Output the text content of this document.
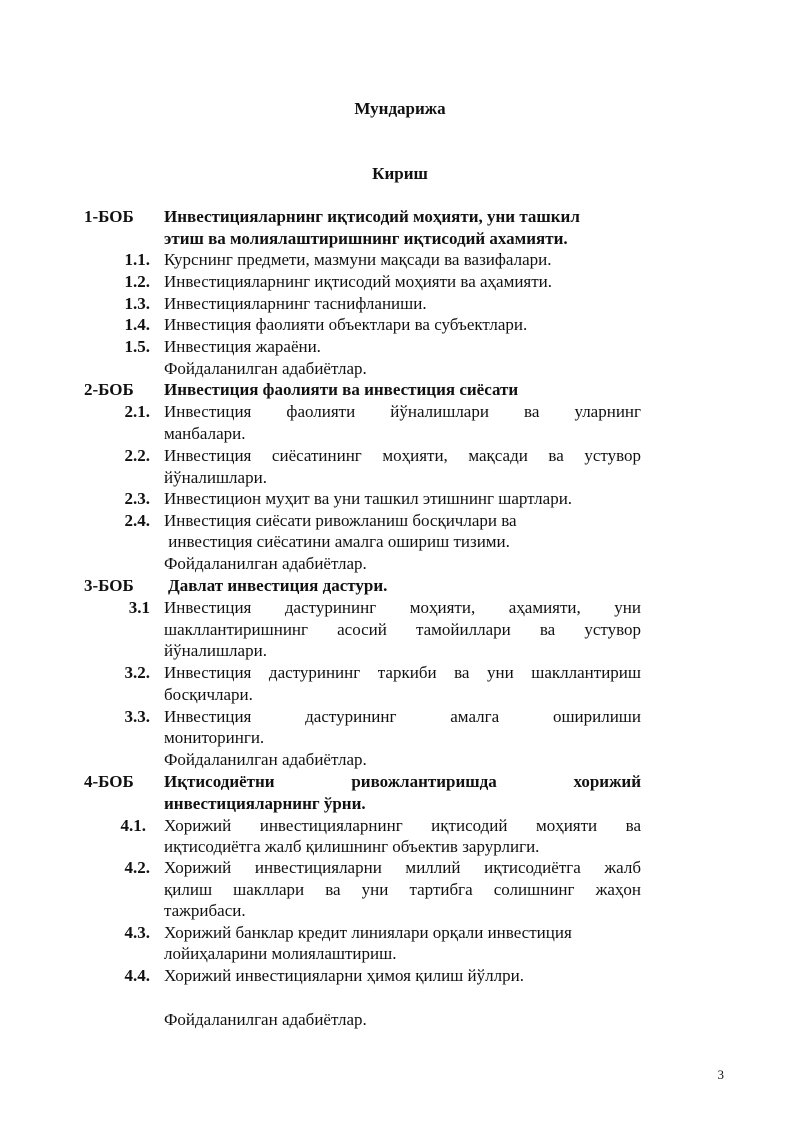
Мундарижа
Кириш
1-БОБ Инвестицияларнинг иқтисодий моҳияти, уни ташкил
этиш ва молиялаштиришнинг иқтисодий ахамияти.
1.1. Курснинг предмети, мазмуни мақсади ва вазифалари.
1.2. Инвестицияларнинг иқтисодий моҳияти ва аҳамияти.
1.3. Инвестицияларнинг таснифланиши.
1.4. Инвестиция фаолияти объектлари ва субъектлари.
1.5. Инвестиция жараёни.
Фойдаланилган адабиётлар.
2-БОБ Инвестиция фаолияти ва инвестиция сиёсати
2.1. Инвестиция фаолияти йўналишлари ва уларнинг
манбалари.
2.2. Инвестиция сиёсатининг моҳияти, мақсади ва устувор
йўналишлари.
2.3. Инвестицион муҳит ва уни ташкил этишнинг шартлари.
2.4. Инвестиция сиёсати ривожланиш босқичлари ва
инвестиция сиёсатини амалга ошириш тизими.
Фойдаланилган адабиётлар.
3-БОБ Давлат инвестиция дастури.
3.1 Инвестиция дастурининг моҳияти, аҳамияти, уни
шакллантиришнинг асосий тамойиллари ва устувор
йўналишлари.
3.2. Инвестиция дастурининг таркиби ва уни шакллантириш
босқичлари.
3.3. Инвестиция дастурининг амалга оширилиши
мониторинги.
Фойдаланилган адабиётлар.
4-БОБ Иқтисодиётни ривожлантиришда хорижий
инвестицияларнинг ўрни.
4.1. Хорижий инвестицияларнинг иқтисодий моҳияти ва
иқтисодиётга жалб қилишнинг объектив зарурлиги.
4.2. Хорижий инвестицияларни миллий иқтисодиётга жалб
қилиш шакллари ва уни тартибга солишнинг жаҳон
тажрибаси.
4.3. Хорижий банклар кредит линиялари орқали инвестиция
лойиҳаларини молиялаштириш.
4.4. Хорижий инвестицияларни ҳимоя қилиш йўллри.
Фойдаланилган адабиётлар.
3
